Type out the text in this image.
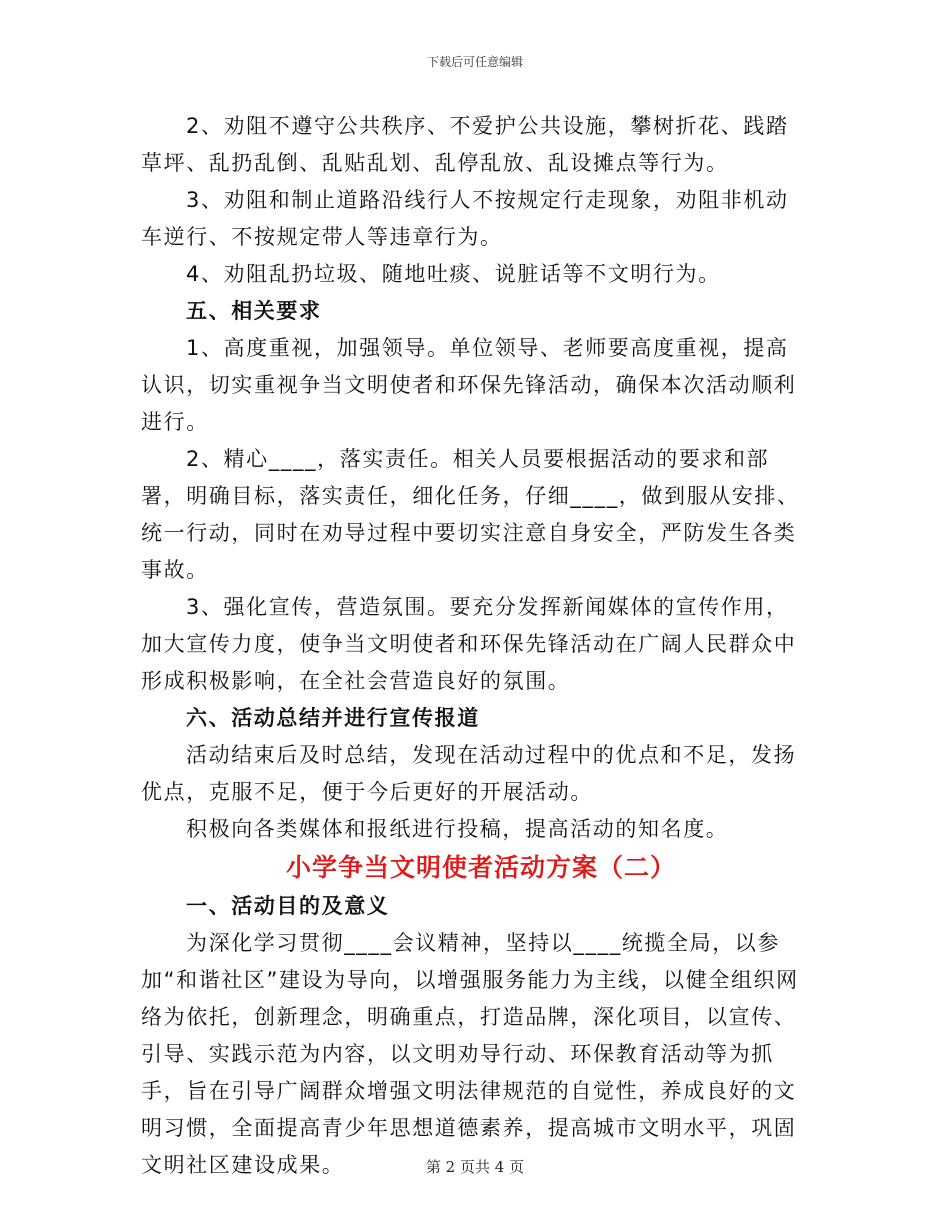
下载后可任意编辑

2、劝阻不遵守公共秩序、不爱护公共设施，攀树折花、践踏草坪、乱扔乱倒、乱贴乱划、乱停乱放、乱设摊点等行为。

3、劝阻和制止道路沿线行人不按规定行走现象，劝阻非机动车逆行、不按规定带人等违章行为。

4、劝阻乱扔垃圾、随地吐痰、说脏话等不文明行为。

五、相关要求

1、高度重视，加强领导。单位领导、老师要高度重视，提高认识，切实重视争当文明使者和环保先锋活动，确保本次活动顺利进行。

2、精心____，落实责任。相关人员要根据活动的要求和部署，明确目标，落实责任，细化任务，仔细____，做到服从安排、统一行动，同时在劝导过程中要切实注意自身安全，严防发生各类事故。

3、强化宣传，营造氛围。要充分发挥新闻媒体的宣传作用，加大宣传力度，使争当文明使者和环保先锋活动在广阔人民群众中形成积极影响，在全社会营造良好的氛围。

六、活动总结并进行宣传报道

活动结束后及时总结，发现在活动过程中的优点和不足，发扬优点，克服不足，便于今后更好的开展活动。

积极向各类媒体和报纸进行投稿，提高活动的知名度。

小学争当文明使者活动方案（二）

一、活动目的及意义

为深化学习贯彻____会议精神，坚持以____统揽全局，以参加“和谐社区”建设为导向，以增强服务能力为主线，以健全组织网络为依托，创新理念，明确重点，打造品牌，深化项目，以宣传、引导、实践示范为内容，以文明劝导行动、环保教育活动等为抓手，旨在引导广阔群众增强文明法律规范的自觉性，养成良好的文明习惯，全面提高青少年思想道德素养，提高城市文明水平，巩固文明社区建设成果。	第 2 页共 4 页
